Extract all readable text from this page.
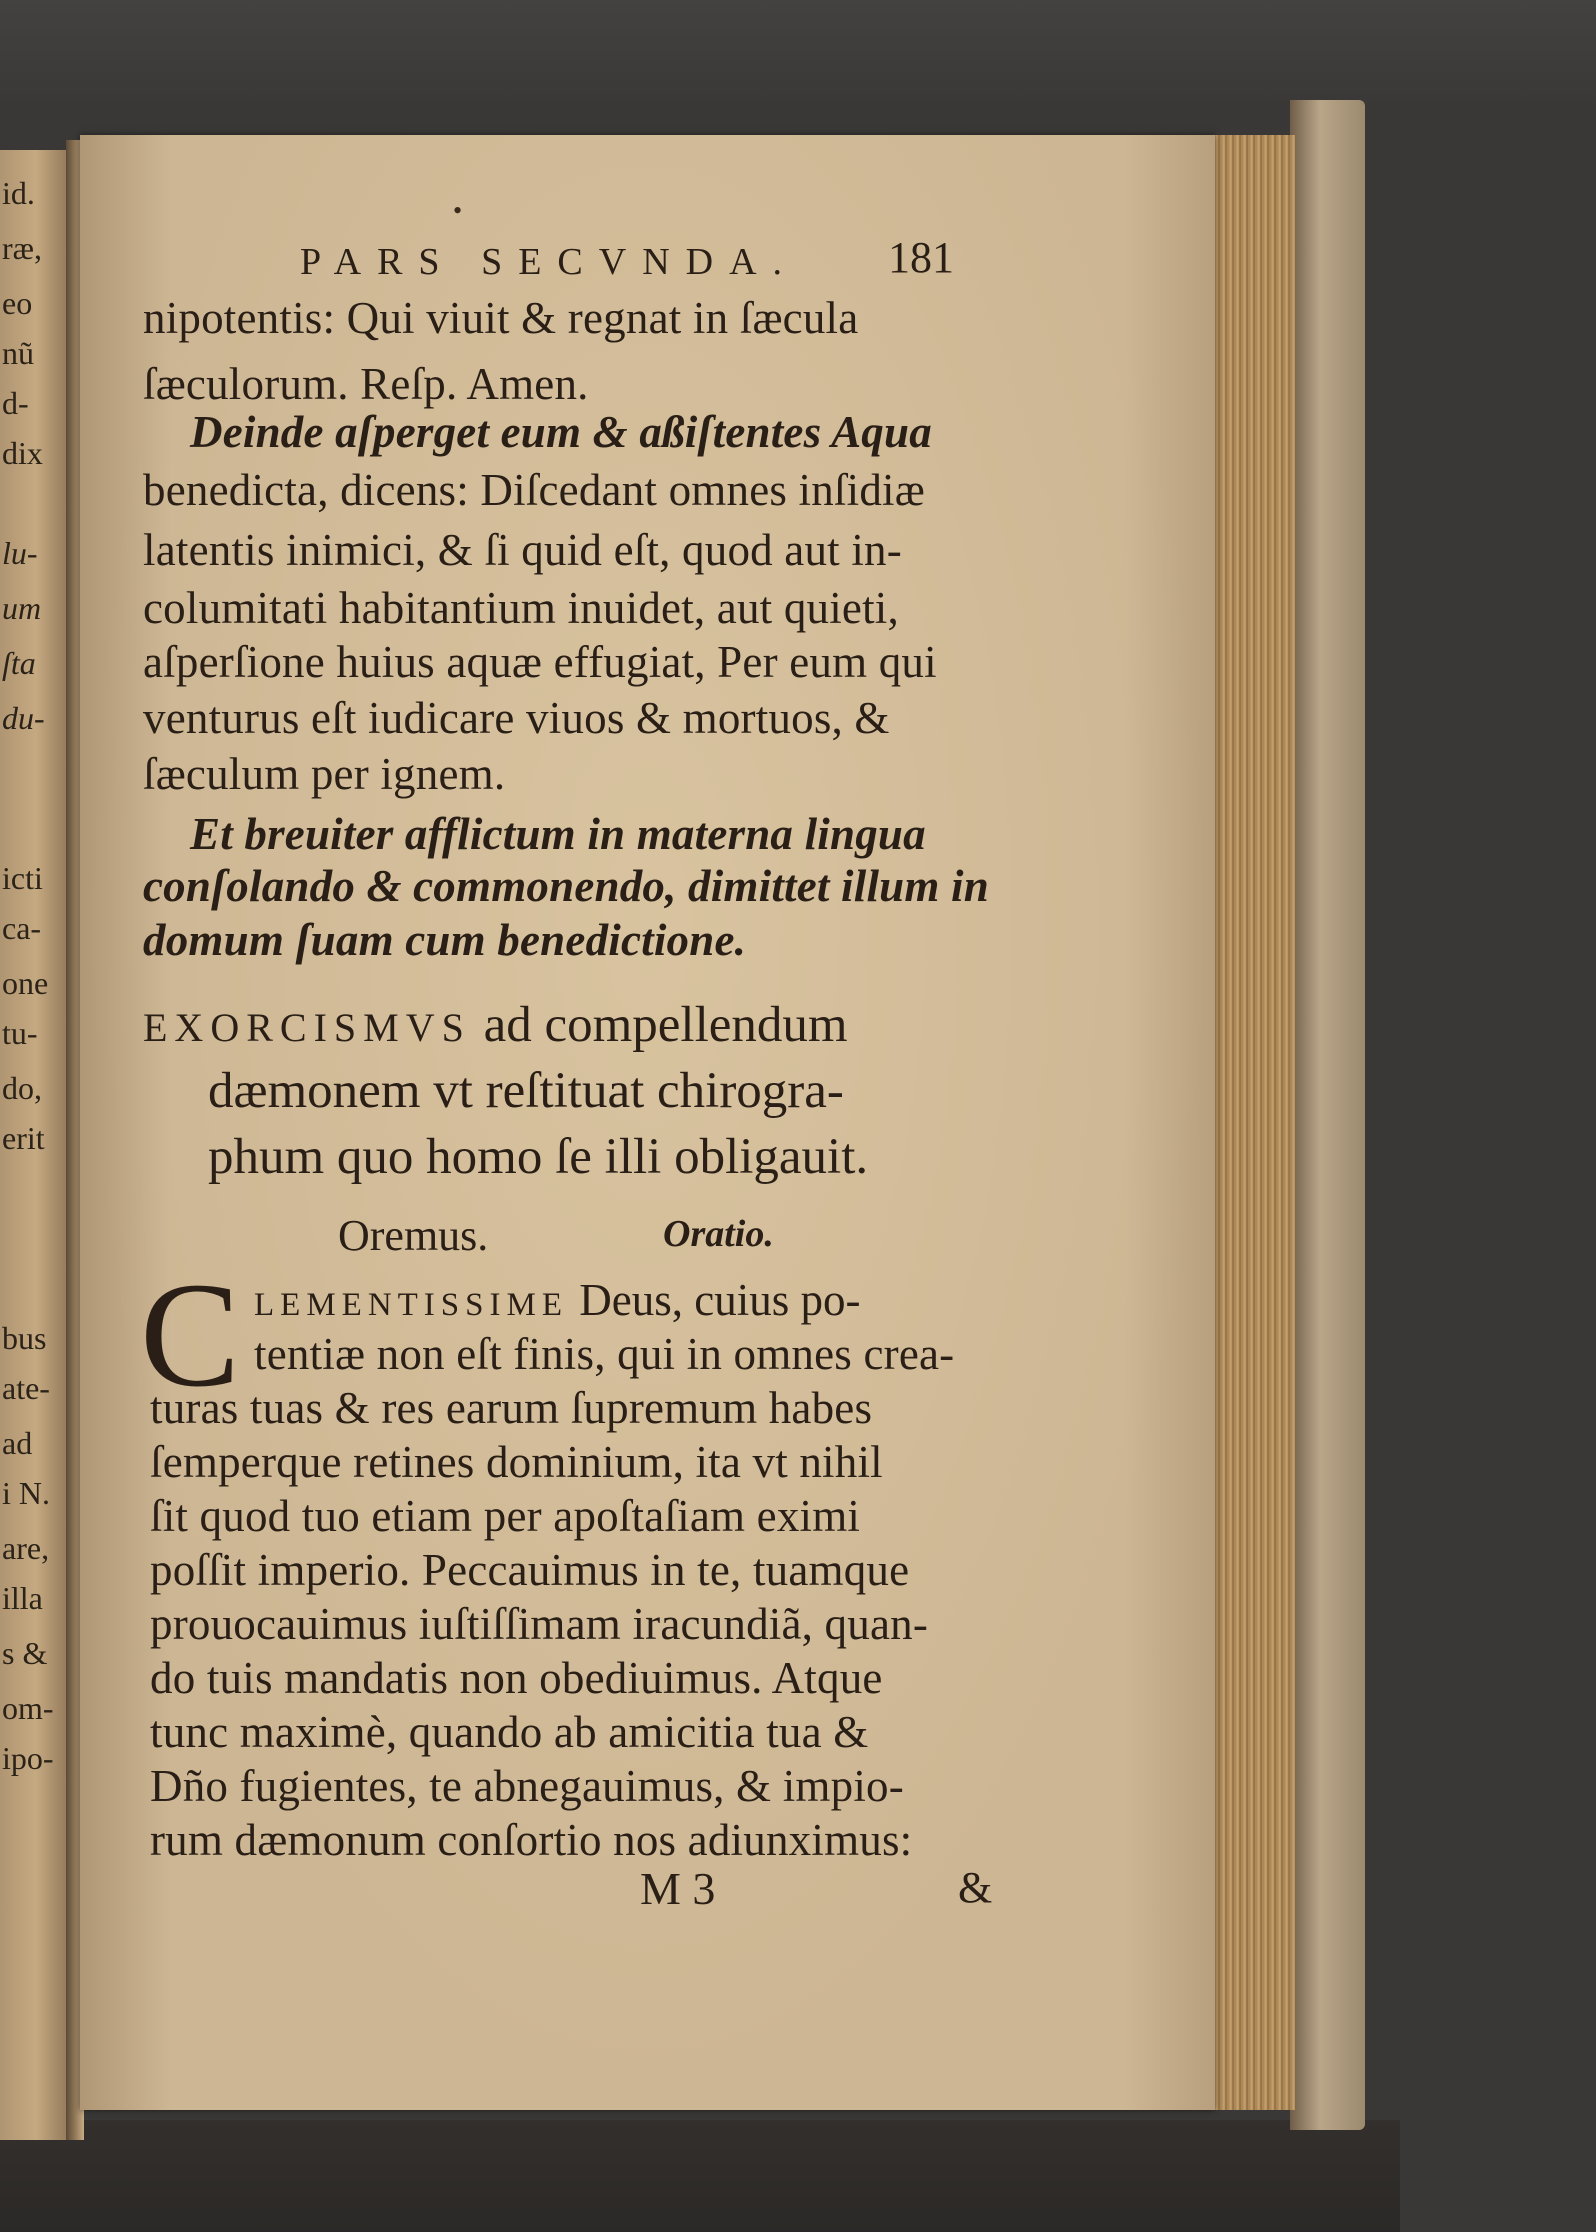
id.
ræ,
eo
nũ
d-
dix
lu-
um
ſta
du-
icti
ca-
one
tu-
do,
erit
bus
ate-
ad
i N.
are,
illa
s &
om-
ipo-
•
PARS SECVNDA. 181
nipotentis: Qui viuit & regnat in ſæcula
ſæculorum. Reſp. Amen.
Deinde aſperget eum & aßiſtentes Aqua
benedicta, dicens: Diſcedant omnes inſidiæ
latentis inimici, & ſi quid eſt, quod aut in-
columitati habitantium inuidet, aut quieti,
aſperſione huius aquæ effugiat, Per eum qui
venturus eſt iudicare viuos & mortuos, &
ſæculum per ignem.
Et breuiter afflictum in materna lingua
conſolando & commonendo, dimittet illum in
domum ſuam cum benedictione.
EXORCISMVS ad compellendum
dæmonem vt reſtituat chirogra-
phum quo homo ſe illi obligauit.
Oremus.	Oratio.
C LEMENTISSIME Deus, cuius po-
tentiæ non eſt finis, qui in omnes crea-
turas tuas & res earum ſupremum habes
ſemperque retines dominium, ita vt nihil
ſit quod tuo etiam per apoſtaſiam eximi
poſſit imperio. Peccauimus in te, tuamque
prouocauimus iuſtiſſimam iracundiã, quan-
do tuis mandatis non obediuimus. Atque
tunc maximè, quando ab amicitia tua &
Dño fugientes, te abnegauimus, & impio-
rum dæmonum conſortio nos adiunximus:
M 3	&
